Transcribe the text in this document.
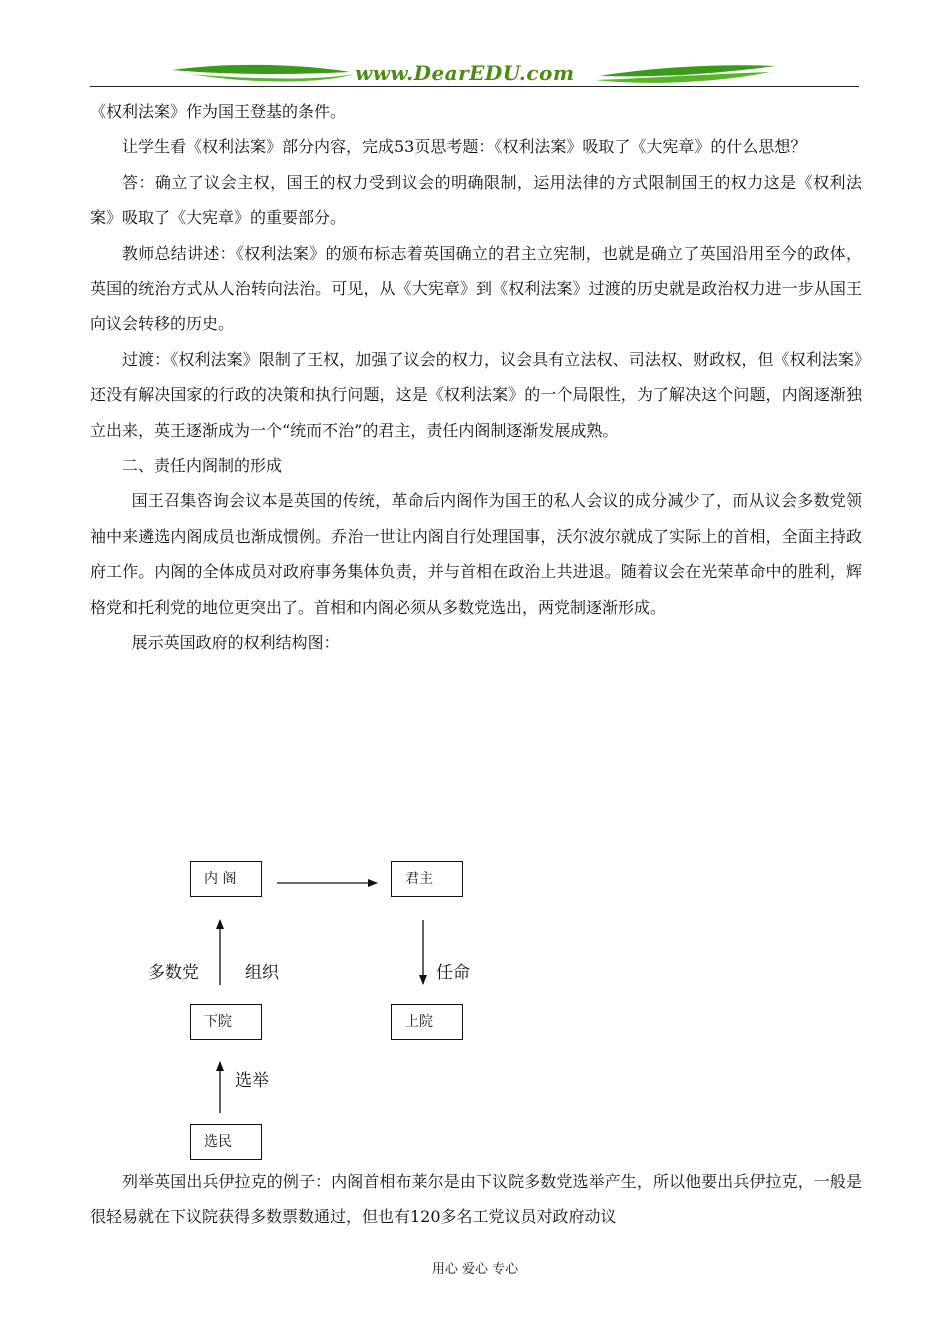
www.DearEDU.com

《权利法案》作为国王登基的条件。

让学生看《权利法案》部分内容，完成53页思考题：《权利法案》吸取了《大宪章》的什么思想？

答：确立了议会主权，国王的权力受到议会的明确限制，运用法律的方式限制国王的权力这是《权利法案》吸取了《大宪章》的重要部分。

教师总结讲述：《权利法案》的颁布标志着英国确立的君主立宪制，也就是确立了英国沿用至今的政体，英国的统治方式从人治转向法治。可见，从《大宪章》到《权利法案》过渡的历史就是政治权力进一步从国王向议会转移的历史。

过渡：《权利法案》限制了王权，加强了议会的权力，议会具有立法权、司法权、财政权，但《权利法案》还没有解决国家的行政的决策和执行问题，这是《权利法案》的一个局限性，为了解决这个问题，内阁逐渐独立出来，英王逐渐成为一个“统而不治”的君主，责任内阁制逐渐发展成熟。

二、责任内阁制的形成

国王召集咨询会议本是英国的传统，革命后内阁作为国王的私人会议的成分减少了，而从议会多数党领袖中来遴选内阁成员也渐成惯例。乔治一世让内阁自行处理国事，沃尔波尔就成了实际上的首相，全面主持政府工作。内阁的全体成员对政府事务集体负责，并与首相在政治上共进退。随着议会在光荣革命中的胜利，辉格党和托利党的地位更突出了。首相和内阁必须从多数党选出，两党制逐渐形成。

展示英国政府的权利结构图：

内 阁	君主
下院	上院
选民
多数党	组织	任命
选举

列举英国出兵伊拉克的例子：内阁首相布莱尔是由下议院多数党选举产生，所以他要出兵伊拉克，一般是很轻易就在下议院获得多数票数通过，但也有120多名工党议员对政府动议

用心 爱心 专心
